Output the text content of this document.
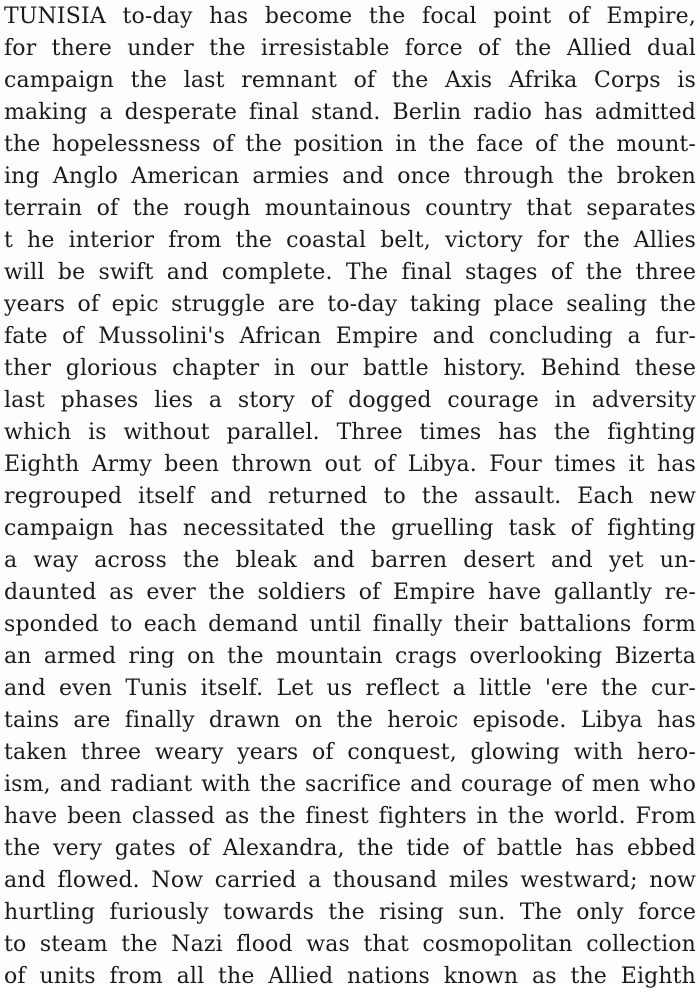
TUNISIA to-day has become the focal point of Empire,
for there under the irresistable force of the Allied dual
campaign the last remnant of the Axis Afrika Corps is
making a desperate final stand. Berlin radio has admitted
the hopelessness of the position in the face of the mount-
ing Anglo American armies and once through the broken
terrain of the rough mountainous country that separates
t he interior from the coastal belt, victory for the Allies
will be swift and complete. The final stages of the three
years of epic struggle are to-day taking place sealing the
fate of Mussolini's African Empire and concluding a fur-
ther glorious chapter in our battle history. Behind these
last phases lies a story of dogged courage in adversity
which is without parallel. Three times has the fighting
Eighth Army been thrown out of Libya. Four times it has
regrouped itself and returned to the assault. Each new
campaign has necessitated the gruelling task of fighting
a way across the bleak and barren desert and yet un-
daunted as ever the soldiers of Empire have gallantly re-
sponded to each demand until finally their battalions form
an armed ring on the mountain crags overlooking Bizerta
and even Tunis itself. Let us reflect a little 'ere the cur-
tains are finally drawn on the heroic episode. Libya has
taken three weary years of conquest, glowing with hero-
ism, and radiant with the sacrifice and courage of men who
have been classed as the finest fighters in the world. From
the very gates of Alexandra, the tide of battle has ebbed
and flowed. Now carried a thousand miles westward; now
hurtling furiously towards the rising sun. The only force
to steam the Nazi flood was that cosmopolitan collection
of units from all the Allied nations known as the Eighth
